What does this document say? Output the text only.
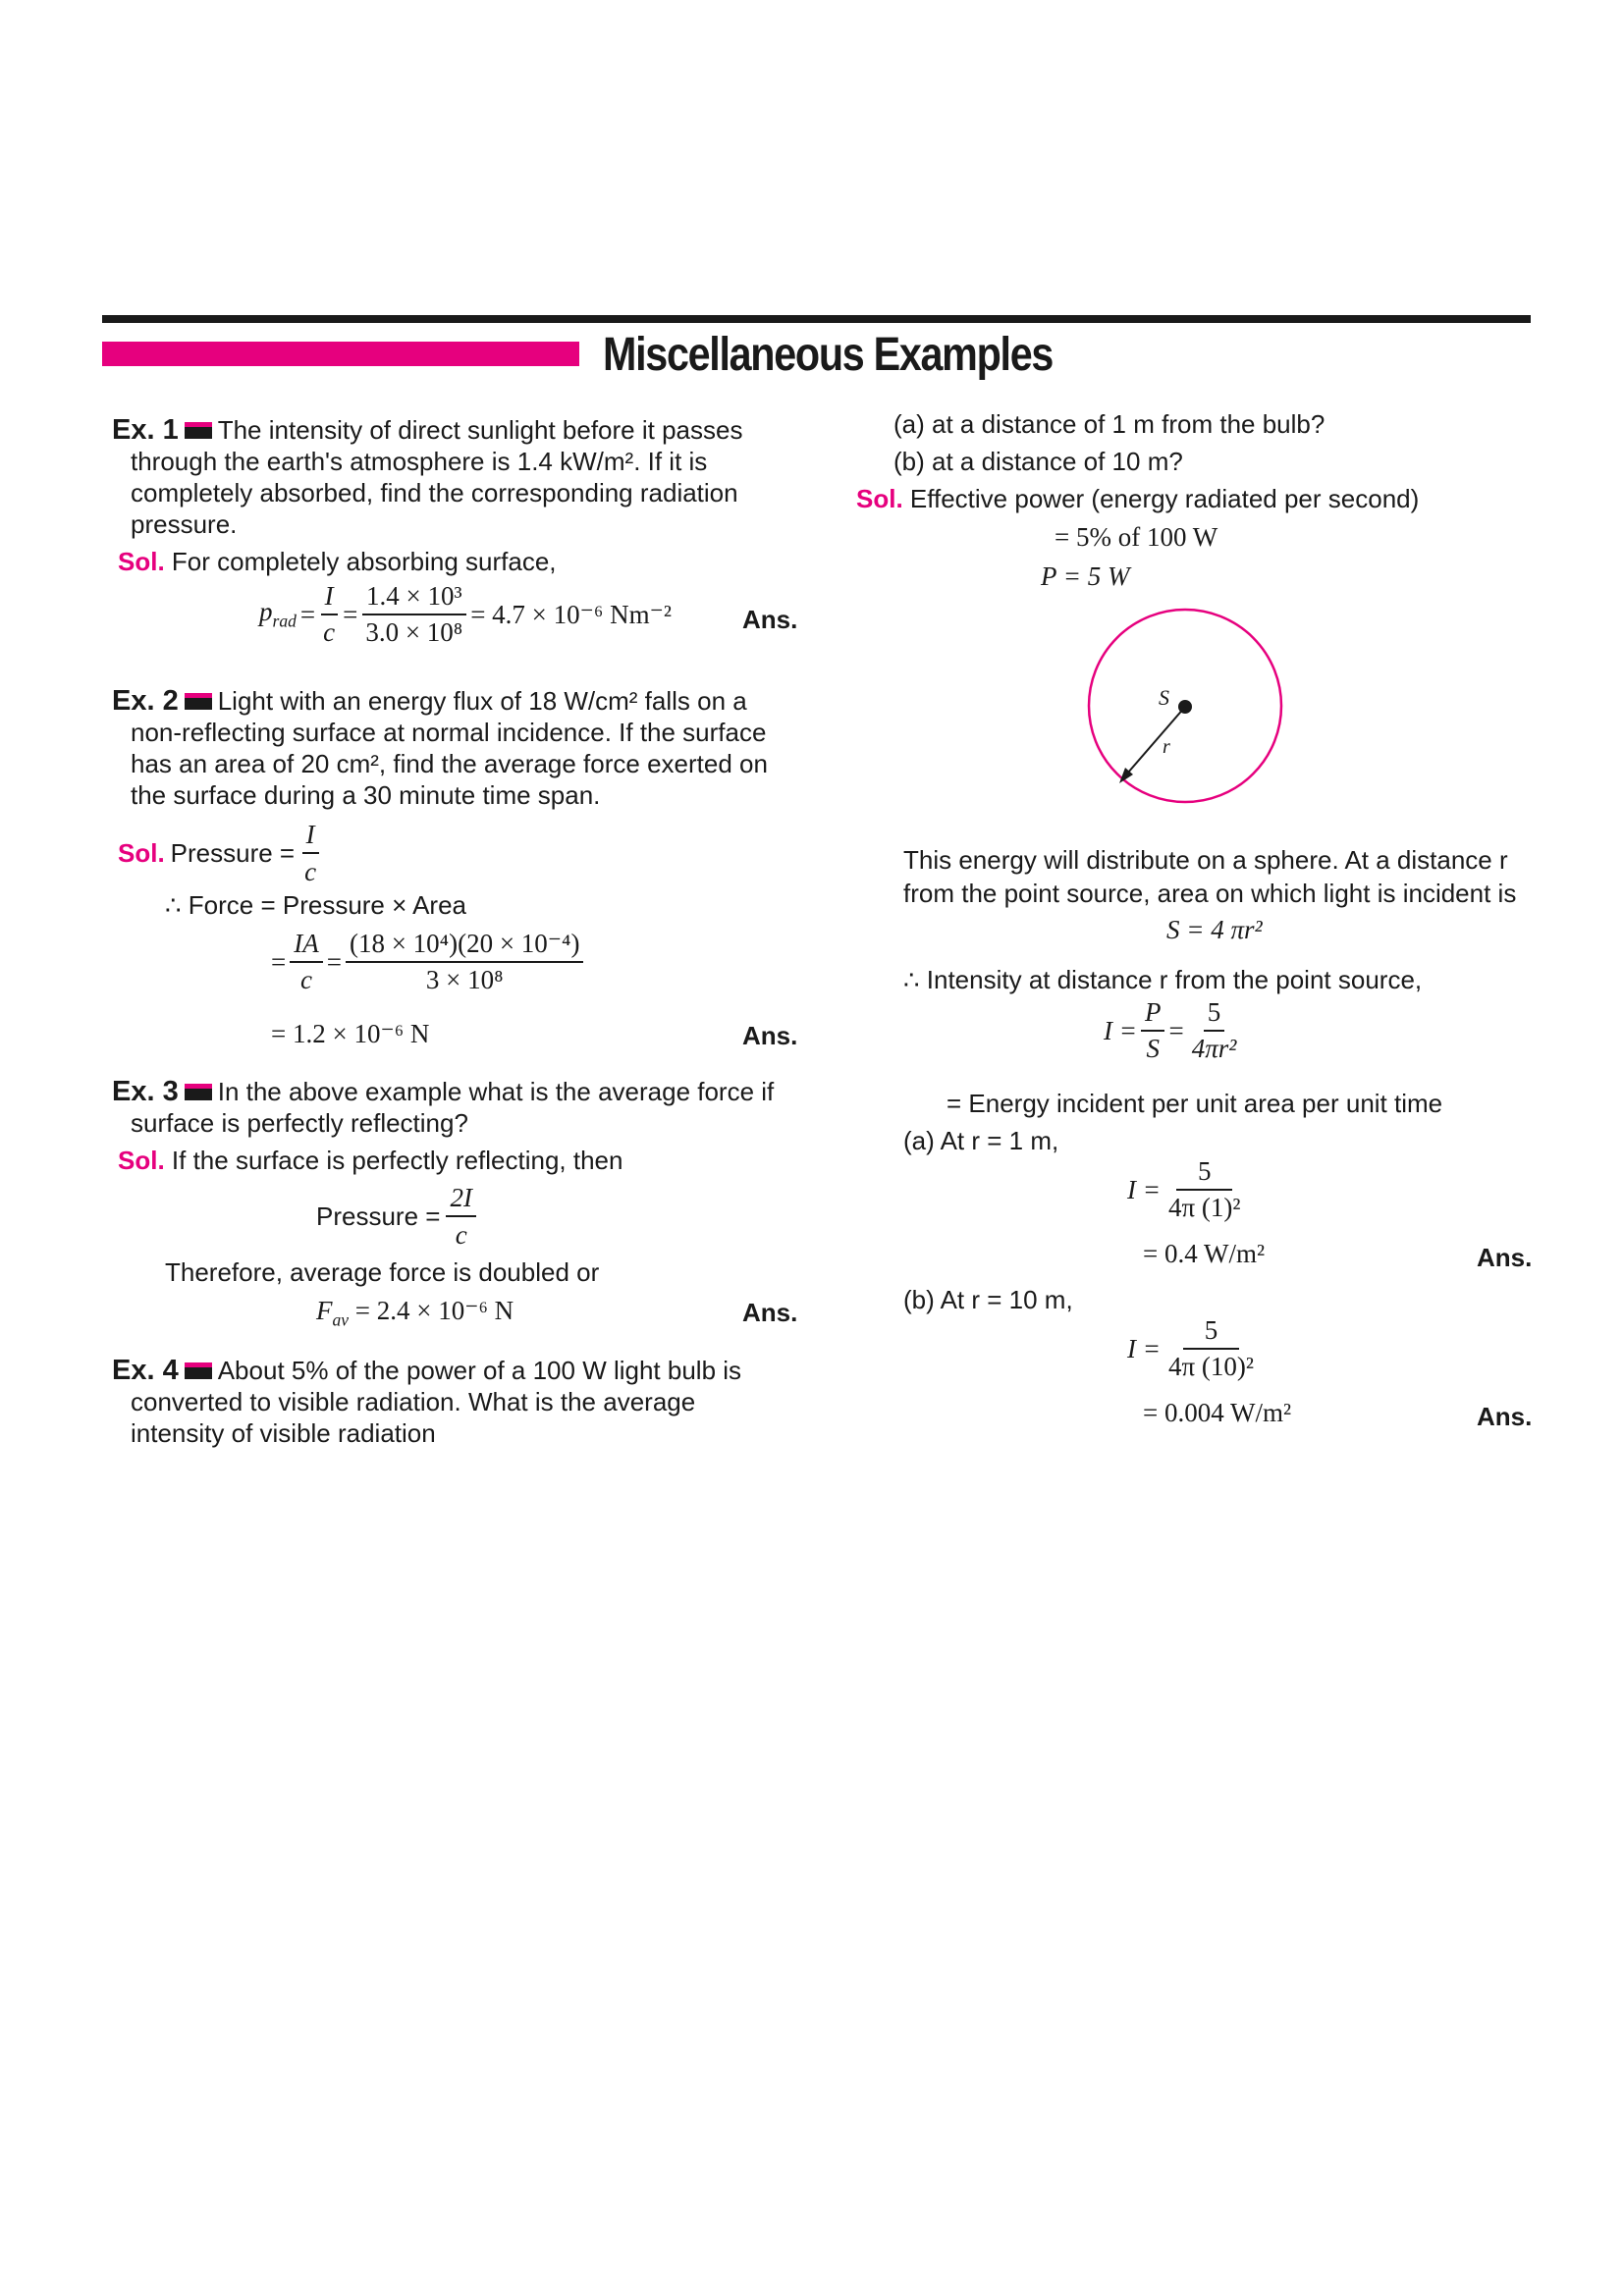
Miscellaneous Examples
Ex. 1 The intensity of direct sunlight before it passes
through the earth's atmosphere is 1.4 kW/m². If it is
completely absorbed, find the corresponding radiation
pressure.
Sol. For completely absorbing surface,
$p_{rad} = \frac{I}{c} = \frac{\text{1.4 × 10³}}{\text{3.0 × 10⁸}} = 4.7 \times 10^{-6}$ Nm⁻²	Ans.
Ex. 2 Light with an energy flux of 18 W/cm² falls on a
non-reflecting surface at normal incidence. If the surface
has an area of 20 cm², find the average force exerted on
the surface during a 30 minute time span.
Sol. Pressure = $\frac{I}{c}$
∴ Force = Pressure × Area
= $\frac{IA}{c} = \frac{\text{(18 × 10⁴)(20 × 10⁻⁴)}}{\text{3 × 10⁸}}$
= 1.2 × 10⁻⁶ N	Ans.
Ex. 3 In the above example what is the average force if
surface is perfectly reflecting?
Sol. If the surface is perfectly reflecting, then
Pressure = $\frac{2I}{c}$
Therefore, average force is doubled or
$F_{av} = 2.4 \times 10^{-6}$ N	Ans.
Ex. 4 About 5% of the power of a 100 W light bulb is
converted to visible radiation. What is the average
intensity of visible radiation
(a) at a distance of 1 m from the bulb?
(b) at a distance of 10 m?
Sol. Effective power (energy radiated per second)
= 5% of 100 W
P = 5 W
S
r
This energy will distribute on a sphere. At a distance r
from the point source, area on which light is incident is
S = 4 πr²
∴ Intensity at distance r from the point source,
$I = \frac{P}{S} = \frac{5}{\text{4πr²}}$
= Energy incident per unit area per unit time
(a) At r = 1 m,
$I = \frac{5}{\text{4π (1)²}}$
= 0.4 W/m²	Ans.
(b) At r = 10 m,
$I = \frac{5}{\text{4π (10)²}}$
= 0.004 W/m²	Ans.
